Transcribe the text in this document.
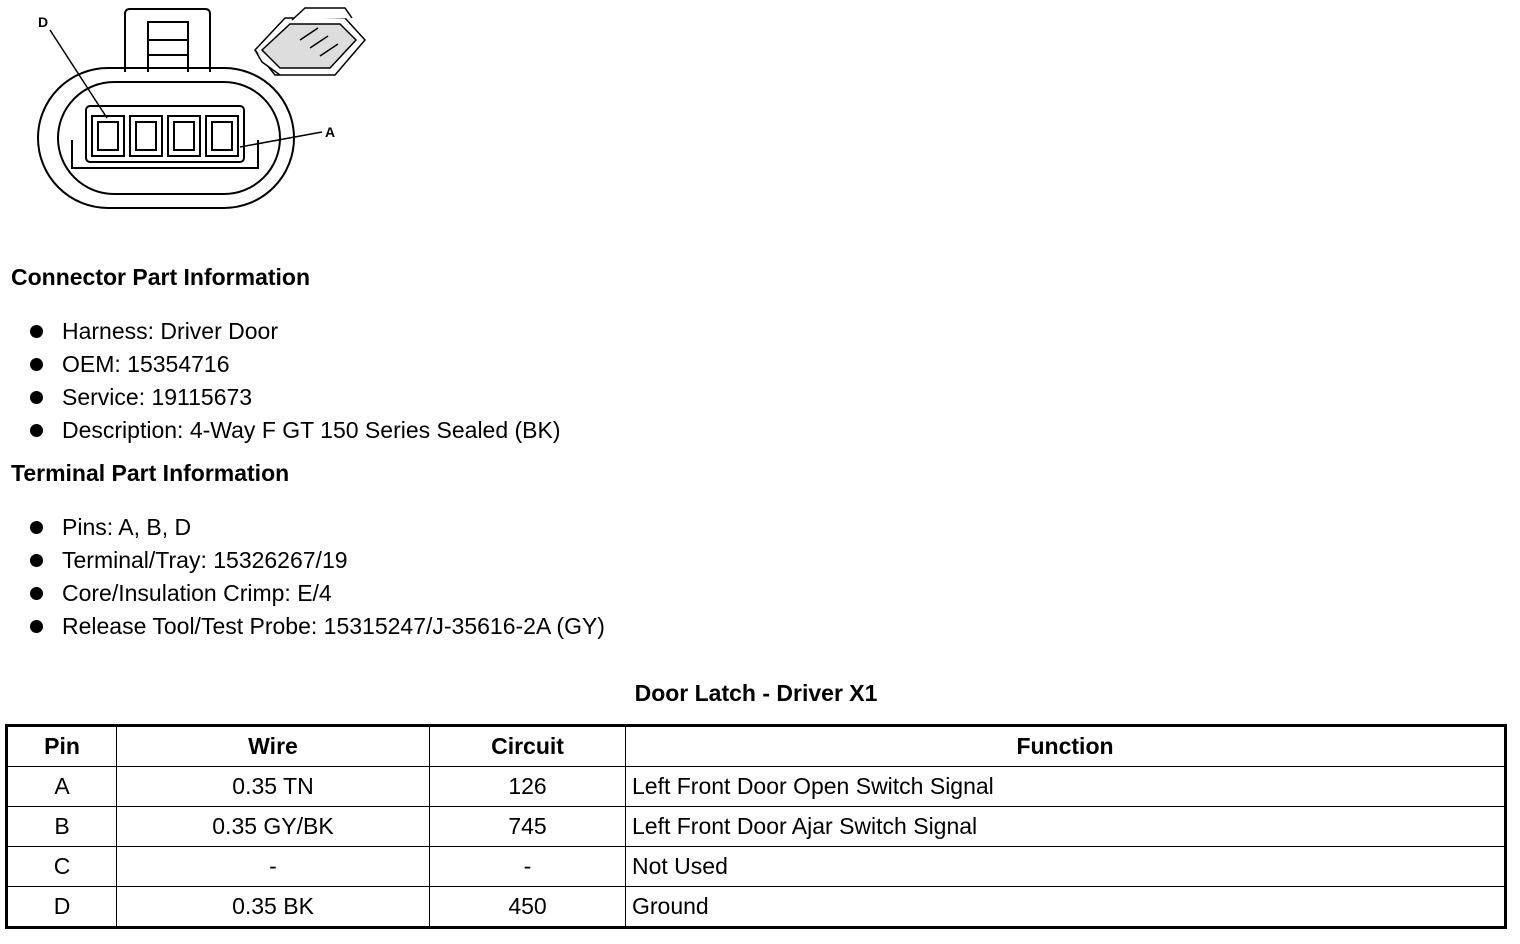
D
A
Connector Part Information
Harness: Driver Door
OEM: 15354716
Service: 19115673
Description: 4-Way F GT 150 Series Sealed (BK)
Terminal Part Information
Pins: A, B, D
Terminal/Tray: 15326267/19
Core/Insulation Crimp: E/4
Release Tool/Test Probe: 15315247/J-35616-2A (GY)
Door Latch - Driver X1
Pin	Wire	Circuit	Function
A	0.35 TN	126	Left Front Door Open Switch Signal
B	0.35 GY/BK	745	Left Front Door Ajar Switch Signal
C	-	-	Not Used
D	0.35 BK	450	Ground
